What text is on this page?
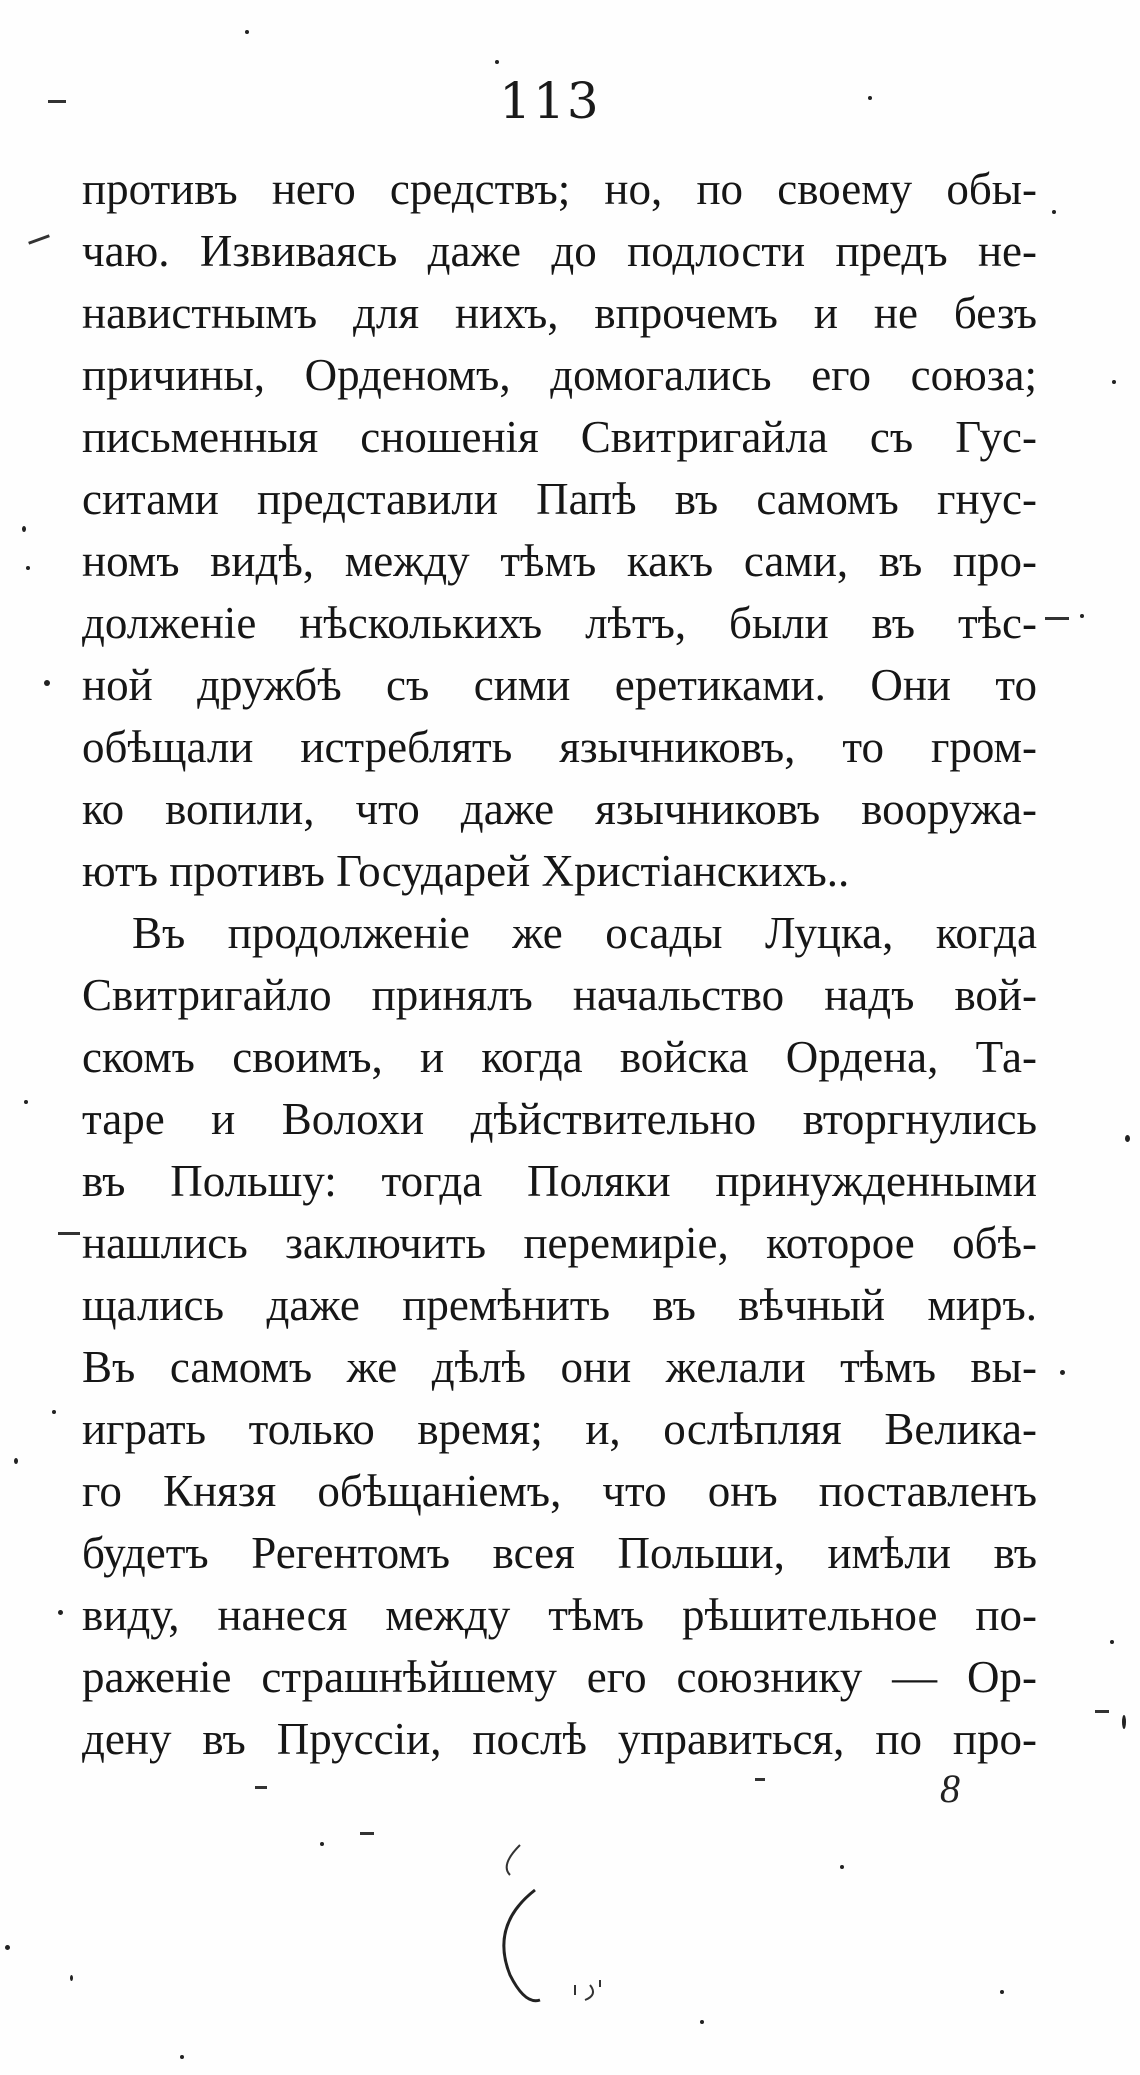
113
противъ него средствъ; но, по своему обы-
чаю. Извиваясь даже до подлости предъ не-
навистнымъ для нихъ, впрочемъ и не безъ
причины, Орденомъ, домогались его союза;
письменныя сношенія Свитригайла съ Гус-
ситами представили Папѣ въ самомъ гнус-
номъ видѣ, между тѣмъ какъ сами, въ про-
долженіе нѣсколькихъ лѣтъ, были въ тѣс-
ной дружбѣ съ сими еретиками. Они то
обѣщали истреблять язычниковъ, то гром-
ко вопили, что даже язычниковъ вооружа-
ютъ противъ Государей Христіанскихъ..
Въ продолженіе же осады Луцка, когда
Свитригайло принялъ начальство надъ вой-
скомъ своимъ, и когда войска Ордена, Та-
таре и Волохи дѣйствительно вторгнулись
въ Польшу: тогда Поляки принужденными
нашлись заключить перемиріе, которое обѣ-
щались даже премѣнить въ вѣчный миръ.
Въ самомъ же дѣлѣ они желали тѣмъ вы-
играть только время; и, ослѣпляя Велика-
го Князя обѣщаніемъ, что онъ поставленъ
будетъ Регентомъ всея Польши, имѣли въ
виду, нанеся между тѣмъ рѣшительное по-
раженіе страшнѣйшему его союзнику — Ор-
дену въ Пруссіи, послѣ управиться, по про-
8
